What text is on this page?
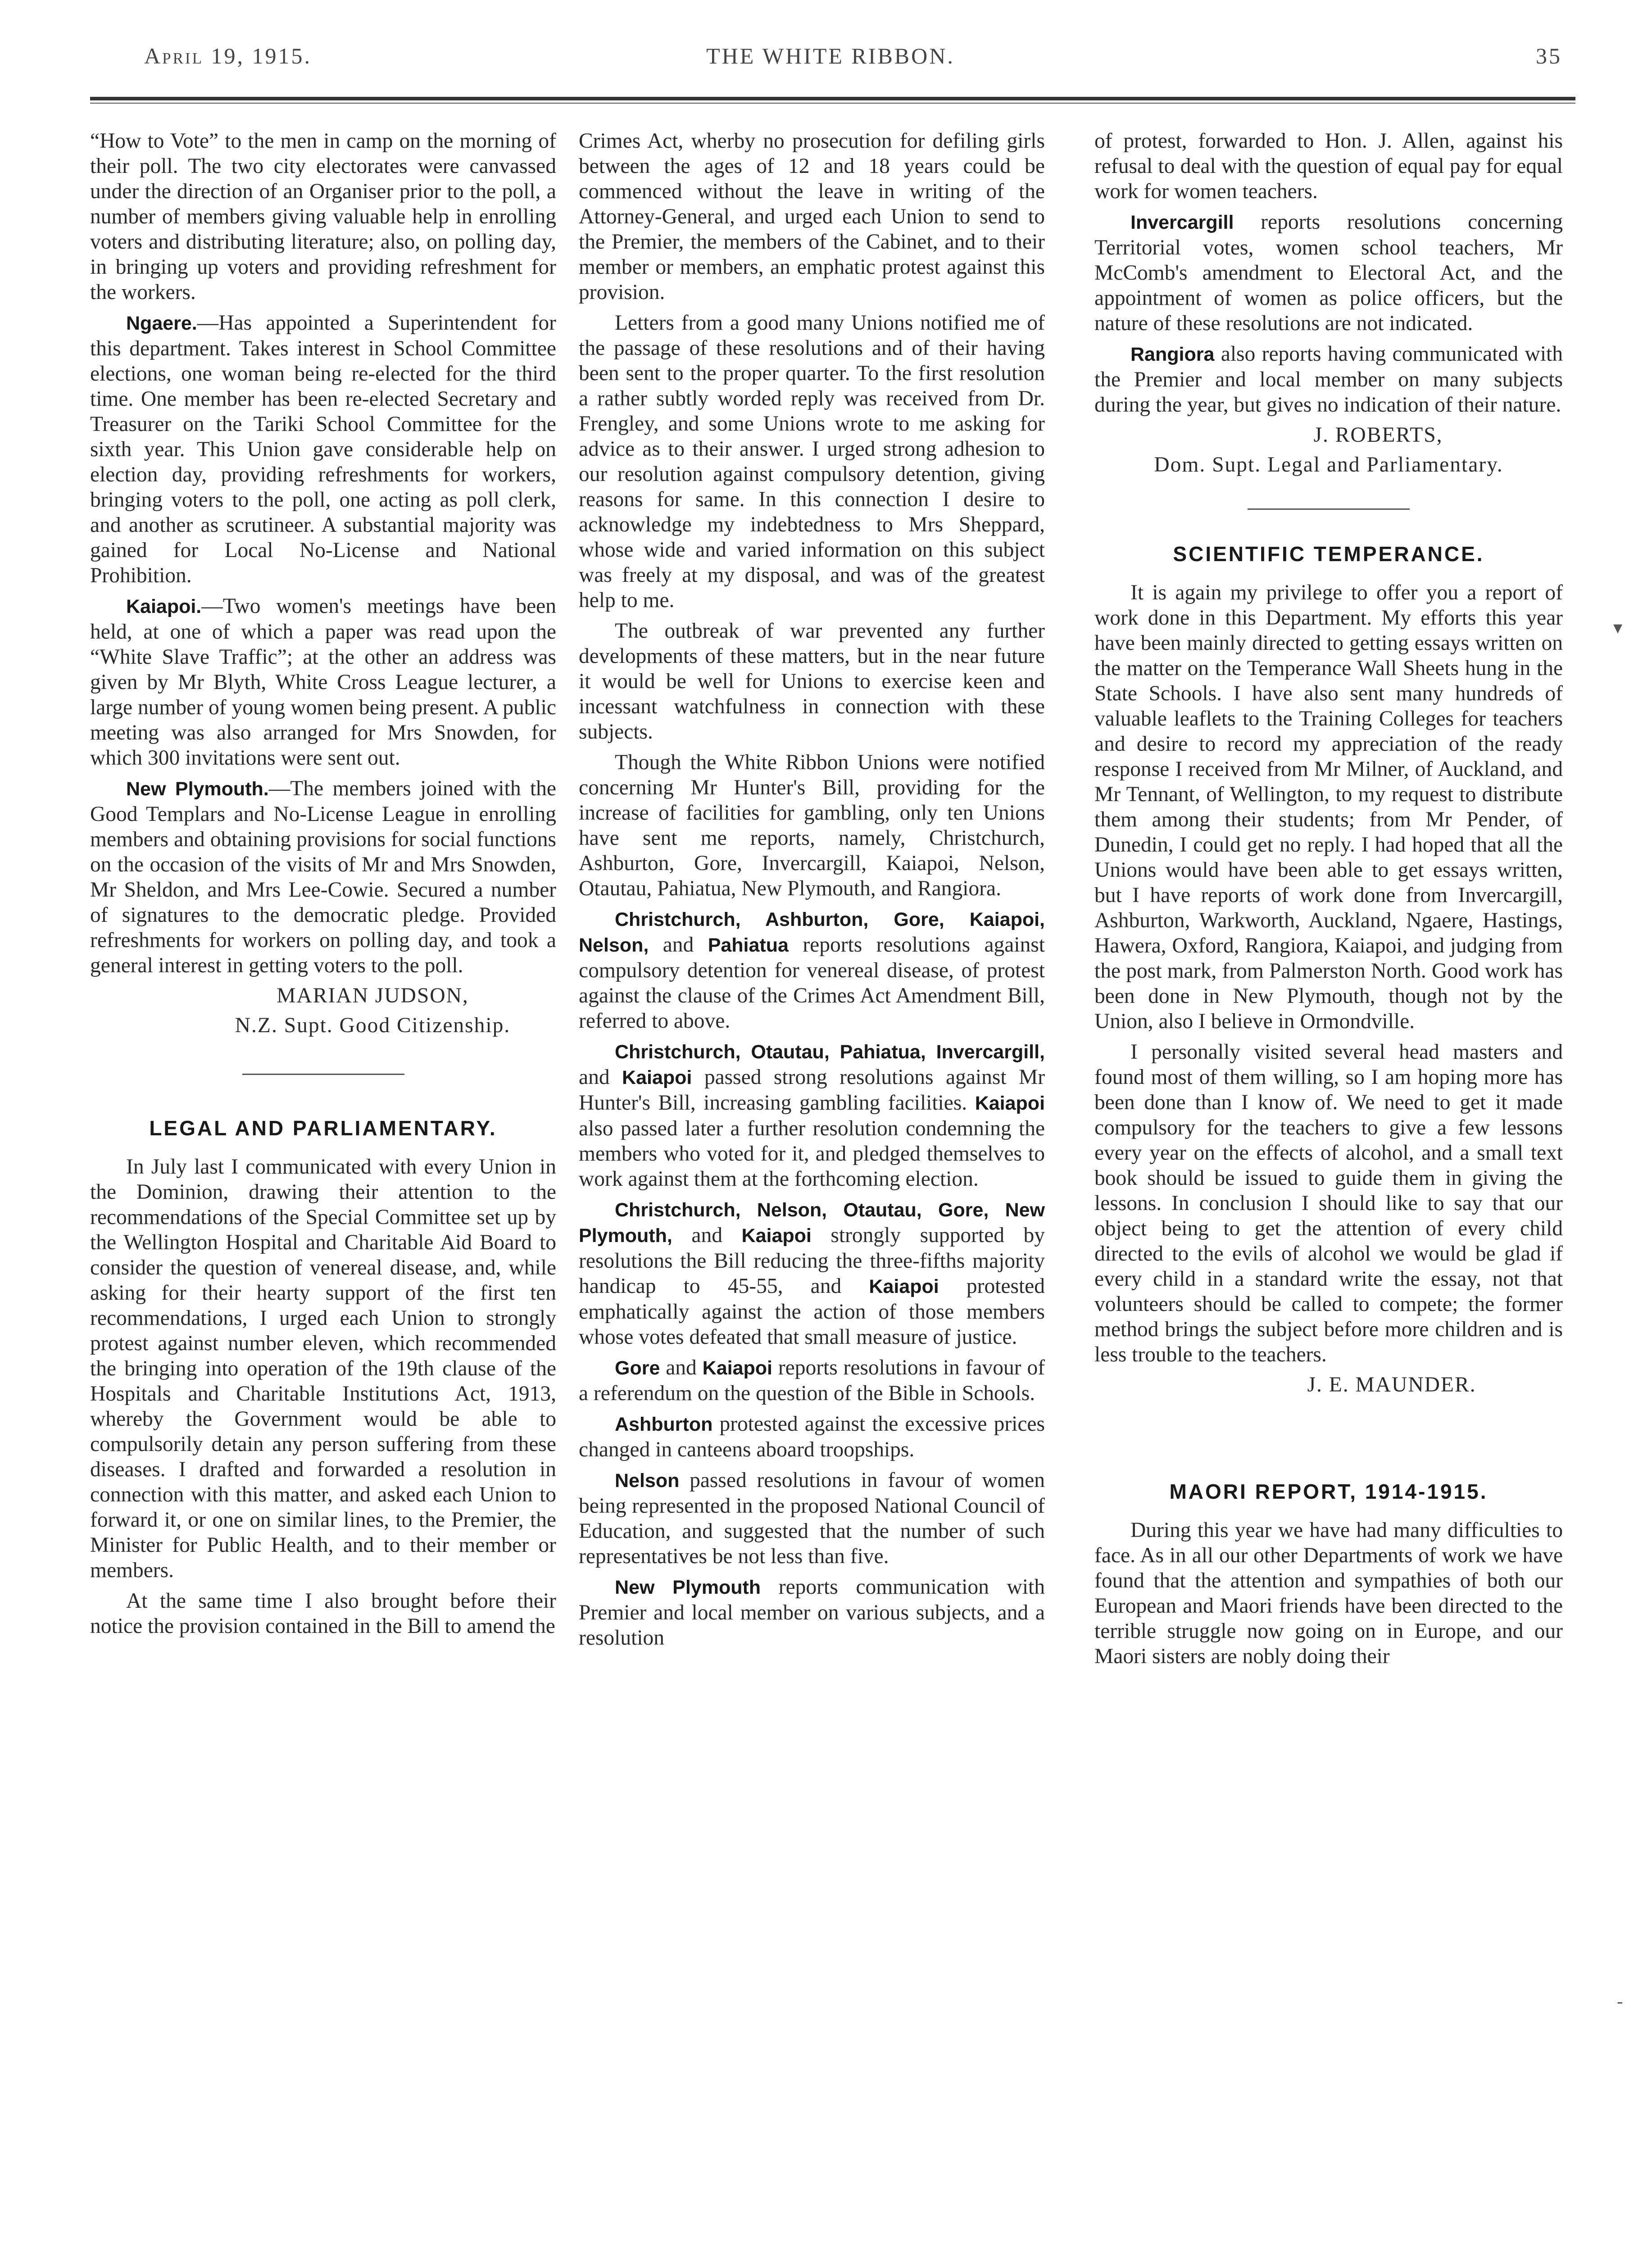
April 19, 1915.	THE WHITE RIBBON.	35

“How to Vote” to the men in camp on the morning of their poll. The two city electorates were canvassed under the direction of an Organiser prior to the poll, a number of members giving valuable help in enrolling voters and distributing literature; also, on polling day, in bringing up voters and providing refreshment for the workers.

Ngaere.—Has appointed a Superintendent for this department. Takes interest in School Committee elections, one woman being re-elected for the third time. One member has been re-elected Secretary and Treasurer on the Tariki School Committee for the sixth year. This Union gave considerable help on election day, providing refreshments for workers, bringing voters to the poll, one acting as poll clerk, and another as scrutineer. A substantial majority was gained for Local No-License and National Prohibition.

Kaiapoi.—Two women's meetings have been held, at one of which a paper was read upon the “White Slave Traffic”; at the other an address was given by Mr Blyth, White Cross League lecturer, a large number of young women being present. A public meeting was also arranged for Mrs Snowden, for which 300 invitations were sent out.

New Plymouth.—The members joined with the Good Templars and No-License League in enrolling members and obtaining provisions for social functions on the occasion of the visits of Mr and Mrs Snowden, Mr Sheldon, and Mrs Lee-Cowie. Secured a number of signatures to the democratic pledge. Provided refreshments for workers on polling day, and took a general interest in getting voters to the poll.

MARIAN JUDSON,

N.Z. Supt. Good Citizenship.

LEGAL AND PARLIAMENTARY.

In July last I communicated with every Union in the Dominion, drawing their attention to the recommendations of the Special Committee set up by the Wellington Hospital and Charitable Aid Board to consider the question of venereal disease, and, while asking for their hearty support of the first ten recommendations, I urged each Union to strongly protest against number eleven, which recommended the bringing into operation of the 19th clause of the Hospitals and Charitable Institutions Act, 1913, whereby the Government would be able to compulsorily detain any person suffering from these diseases. I drafted and forwarded a resolution in connection with this matter, and asked each Union to forward it, or one on similar lines, to the Premier, the Minister for Public Health, and to their member or members.

At the same time I also brought before their notice the provision contained in the Bill to amend the

Crimes Act, wherby no prosecution for defiling girls between the ages of 12 and 18 years could be commenced without the leave in writing of the Attorney-General, and urged each Union to send to the Premier, the members of the Cabinet, and to their member or members, an emphatic protest against this provision.

Letters from a good many Unions notified me of the passage of these resolutions and of their having been sent to the proper quarter. To the first resolution a rather subtly worded reply was received from Dr. Frengley, and some Unions wrote to me asking for advice as to their answer. I urged strong adhesion to our resolution against compulsory detention, giving reasons for same. In this connection I desire to acknowledge my indebtedness to Mrs Sheppard, whose wide and varied information on this subject was freely at my disposal, and was of the greatest help to me.

The outbreak of war prevented any further developments of these matters, but in the near future it would be well for Unions to exercise keen and incessant watchfulness in connection with these subjects.

Though the White Ribbon Unions were notified concerning Mr Hunter's Bill, providing for the increase of facilities for gambling, only ten Unions have sent me reports, namely, Christchurch, Ashburton, Gore, Invercargill, Kaiapoi, Nelson, Otautau, Pahiatua, New Plymouth, and Rangiora.

Christchurch, Ashburton, Gore, Kaiapoi, Nelson, and Pahiatua reports resolutions against compulsory detention for venereal disease, of protest against the clause of the Crimes Act Amendment Bill, referred to above.

Christchurch, Otautau, Pahiatua, Invercargill, and Kaiapoi passed strong resolutions against Mr Hunter's Bill, increasing gambling facilities. Kaiapoi also passed later a further resolution condemning the members who voted for it, and pledged themselves to work against them at the forthcoming election.

Christchurch, Nelson, Otautau, Gore, New Plymouth, and Kaiapoi strongly supported by resolutions the Bill reducing the three-fifths majority handicap to 45-55, and Kaiapoi protested emphatically against the action of those members whose votes defeated that small measure of justice.

Gore and Kaiapoi reports resolutions in favour of a referendum on the question of the Bible in Schools.

Ashburton protested against the excessive prices changed in canteens aboard troopships.

Nelson passed resolutions in favour of women being represented in the proposed National Council of Education, and suggested that the number of such representatives be not less than five.

New Plymouth reports communication with Premier and local member on various subjects, and a resolution

of protest, forwarded to Hon. J. Allen, against his refusal to deal with the question of equal pay for equal work for women teachers.

Invercargill reports resolutions concerning Territorial votes, women school teachers, Mr McComb's amendment to Electoral Act, and the appointment of women as police officers, but the nature of these resolutions are not indicated.

Rangiora also reports having communicated with the Premier and local member on many subjects during the year, but gives no indication of their nature.

J. ROBERTS,

Dom. Supt. Legal and Parliamentary.

SCIENTIFIC TEMPERANCE.

It is again my privilege to offer you a report of work done in this Department. My efforts this year have been mainly directed to getting essays written on the matter on the Temperance Wall Sheets hung in the State Schools. I have also sent many hundreds of valuable leaflets to the Training Colleges for teachers and desire to record my appreciation of the ready response I received from Mr Milner, of Auckland, and Mr Tennant, of Wellington, to my request to distribute them among their students; from Mr Pender, of Dunedin, I could get no reply. I had hoped that all the Unions would have been able to get essays written, but I have reports of work done from Invercargill, Ashburton, Warkworth, Auckland, Ngaere, Hastings, Hawera, Oxford, Rangiora, Kaiapoi, and judging from the post mark, from Palmerston North. Good work has been done in New Plymouth, though not by the Union, also I believe in Ormondville.

I personally visited several head masters and found most of them willing, so I am hoping more has been done than I know of. We need to get it made compulsory for the teachers to give a few lessons every year on the effects of alcohol, and a small text book should be issued to guide them in giving the lessons. In conclusion I should like to say that our object being to get the attention of every child directed to the evils of alcohol we would be glad if every child in a standard write the essay, not that volunteers should be called to compete; the former method brings the subject before more children and is less trouble to the teachers.

J. E. MAUNDER.

MAORI REPORT, 1914-1915.

During this year we have had many difficulties to face. As in all our other Departments of work we have found that the attention and sympathies of both our European and Maori friends have been directed to the terrible struggle now going on in Europe, and our Maori sisters are nobly doing their

▾
-
